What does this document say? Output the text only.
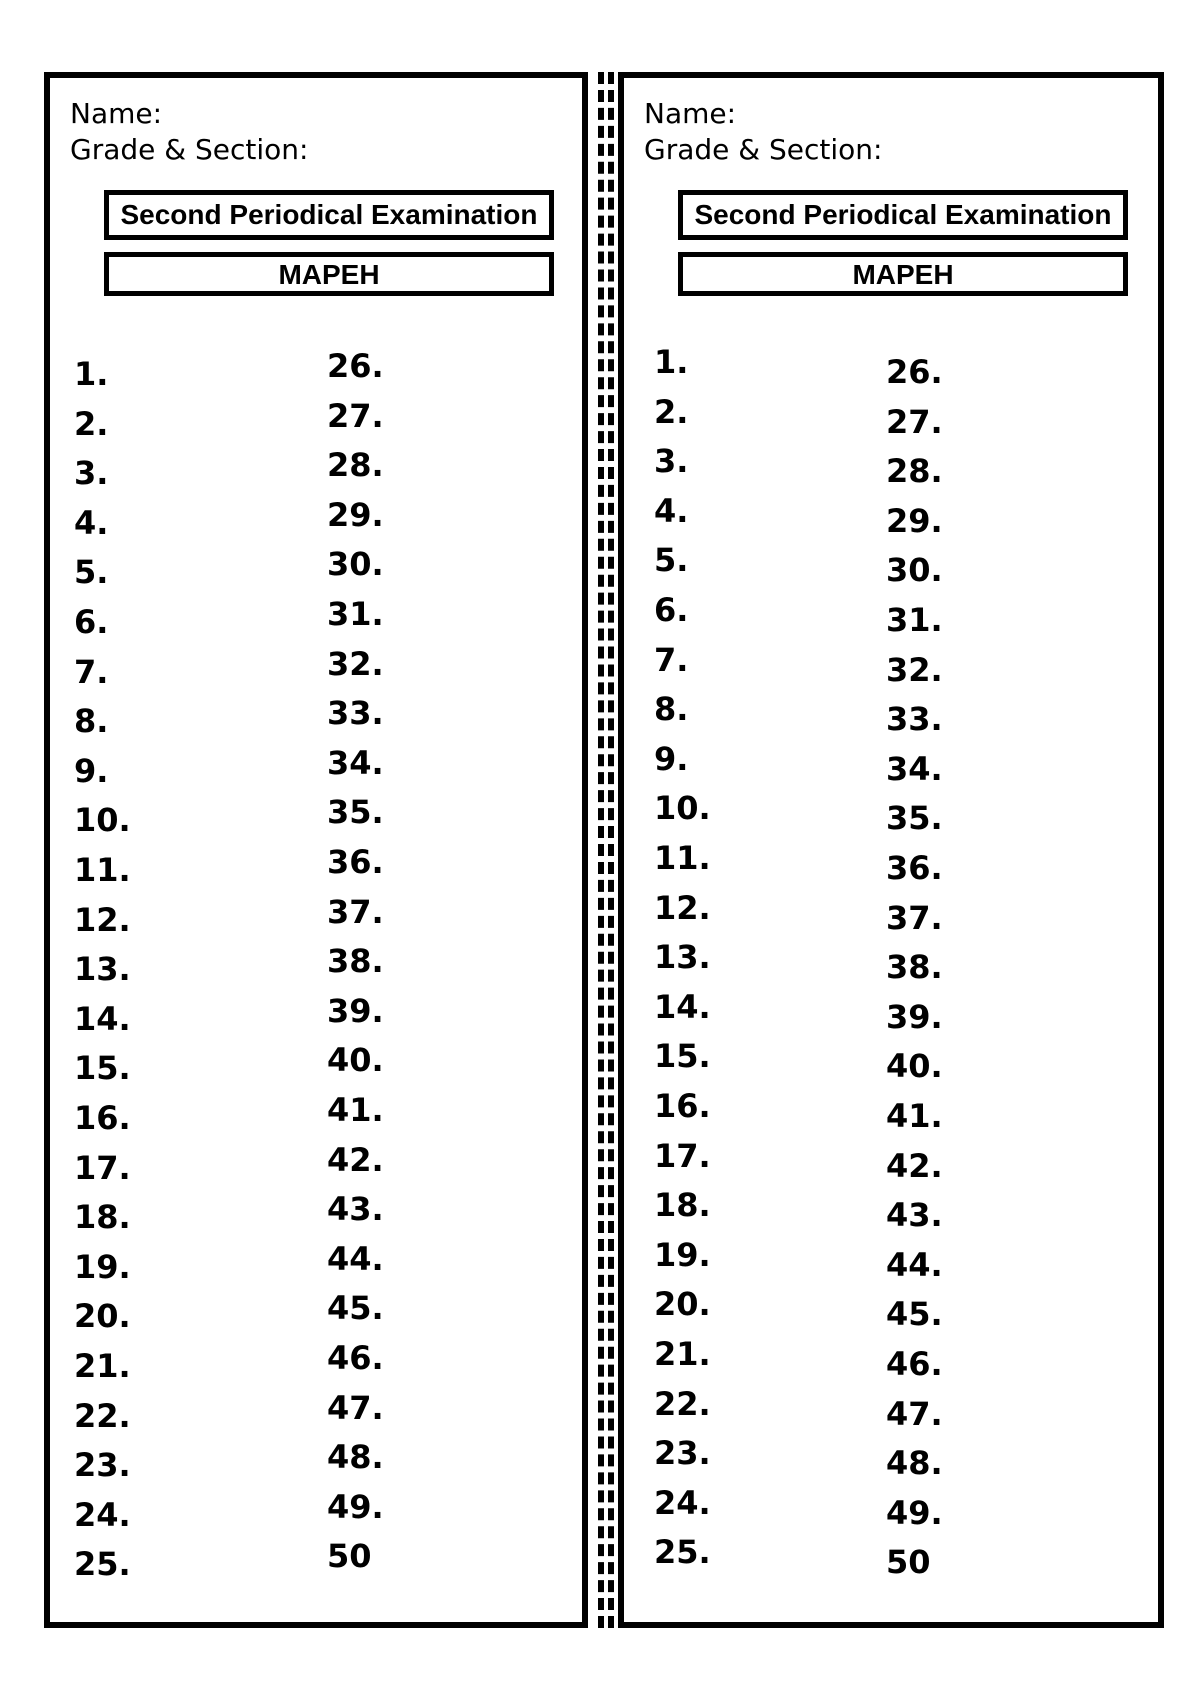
Name:
Grade & Section:
Second Periodical Examination
MAPEH
1.
2.
3.
4.
5.
6.
7.
8.
9.
10.
11.
12.
13.
14.
15.
16.
17.
18.
19.
20.
21.
22.
23.
24.
25.
26.
27.
28.
29.
30.
31.
32.
33.
34.
35.
36.
37.
38.
39.
40.
41.
42.
43.
44.
45.
46.
47.
48.
49.
50
Name:
Grade & Section:
Second Periodical Examination
MAPEH
1.
2.
3.
4.
5.
6.
7.
8.
9.
10.
11.
12.
13.
14.
15.
16.
17.
18.
19.
20.
21.
22.
23.
24.
25.
26.
27.
28.
29.
30.
31.
32.
33.
34.
35.
36.
37.
38.
39.
40.
41.
42.
43.
44.
45.
46.
47.
48.
49.
50
